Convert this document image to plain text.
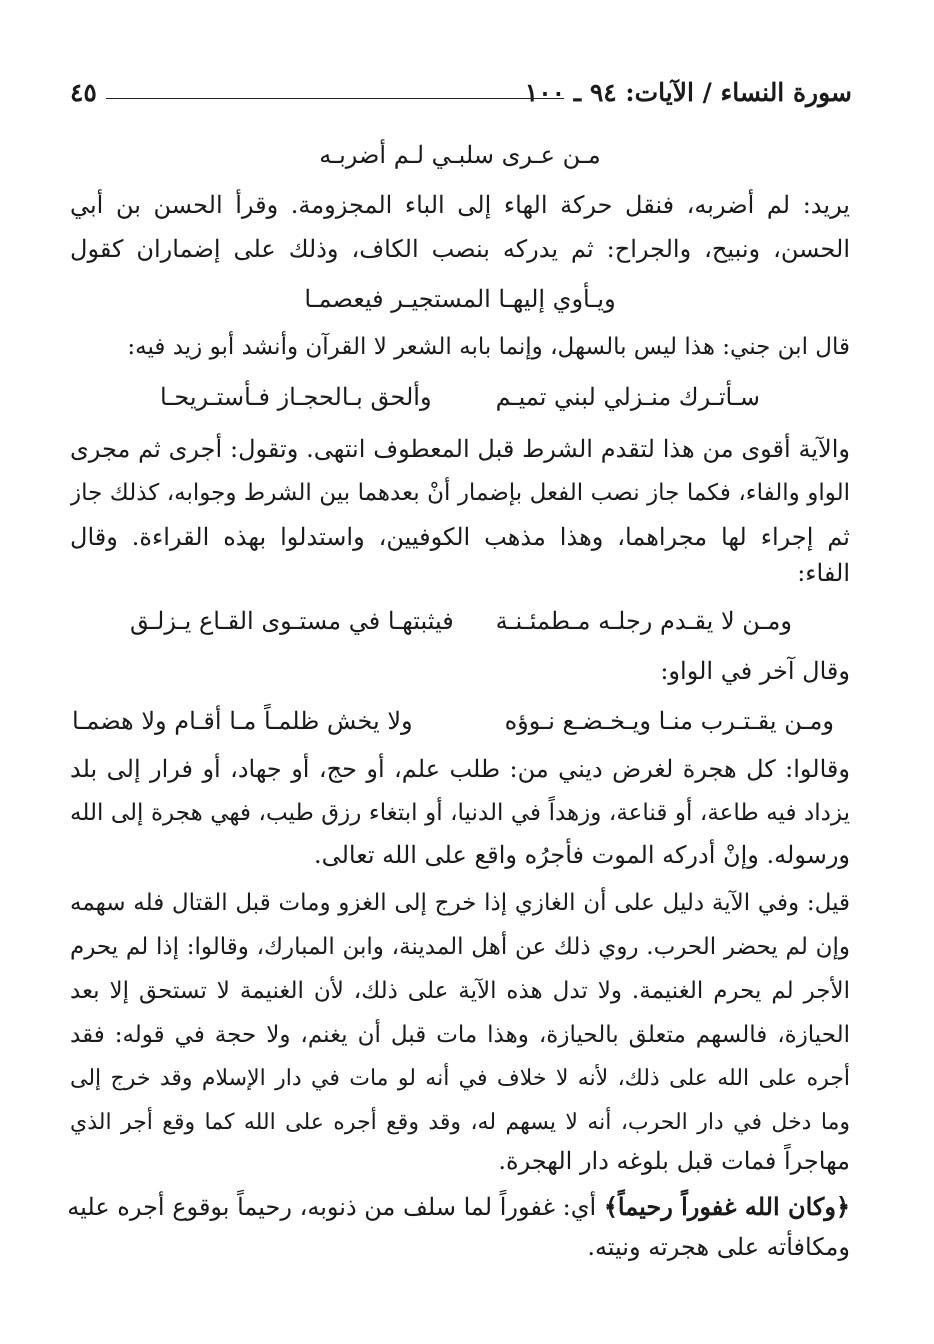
سورة النساء / الآيات: ٩٤ ـ ١٠٠
٤٥
مـن عـرى سلبـي لـم أضربـه
يريد: لم أضربه، فنقل حركة الهاء إلى الباء المجزومة. وقرأ الحسن بن أبي
الحسن، ونبيح، والجراح: ثم يدركه بنصب الكاف، وذلك على إضماران كقول
ويـأوي إليهـا المستجيـر فيعصمـا
قال ابن جني: هذا ليس بالسهل، وإنما بابه الشعر لا القرآن وأنشد أبو زيد فيه:
سـأتـرك منـزلي لبني تميـم
وألحق بـالحجـاز فـأستـريحـا
والآية أقوى من هذا لتقدم الشرط قبل المعطوف انتهى. وتقول: أجرى ثم مجرى
الواو والفاء، فكما جاز نصب الفعل بإضمار أنْ بعدهما بين الشرط وجوابه، كذلك جاز
ثم إجراء لها مجراهما، وهذا مذهب الكوفيين، واستدلوا بهذه القراءة. وقال
الفاء:
ومـن لا يقـدم رجلـه مـطمئـنـة
فيثبتهـا في مستـوى القـاع يـزلـق
وقال آخر في الواو:
ومـن يقـتـرب منـا ويـخـضـع نـوؤه
ولا يخش ظلمـاً مـا أقـام ولا هضمـا
وقالوا: كل هجرة لغرض ديني من: طلب علم، أو حج، أو جهاد، أو فرار إلى بلد
يزداد فيه طاعة، أو قناعة، وزهداً في الدنيا، أو ابتغاء رزق طيب، فهي هجرة إلى الله
ورسوله. وإنْ أدركه الموت فأجرُه واقع على الله تعالى.
قيل: وفي الآية دليل على أن الغازي إذا خرج إلى الغزو ومات قبل القتال فله سهمه
وإن لم يحضر الحرب. روي ذلك عن أهل المدينة، وابن المبارك، وقالوا: إذا لم يحرم
الأجر لم يحرم الغنيمة. ولا تدل هذه الآية على ذلك، لأن الغنيمة لا تستحق إلا بعد
الحيازة، فالسهم متعلق بالحيازة، وهذا مات قبل أن يغنم، ولا حجة في قوله: فقد
أجره على الله على ذلك، لأنه لا خلاف في أنه لو مات في دار الإسلام وقد خرج إلى
وما دخل في دار الحرب، أنه لا يسهم له، وقد وقع أجره على الله كما وقع أجر الذي
مهاجراً فمات قبل بلوغه دار الهجرة.
﴿وكان الله غفوراً رحيماً﴾ أي: غفوراً لما سلف من ذنوبه، رحيماً بوقوع أجره عليه
ومكافأته على هجرته ونيته.
